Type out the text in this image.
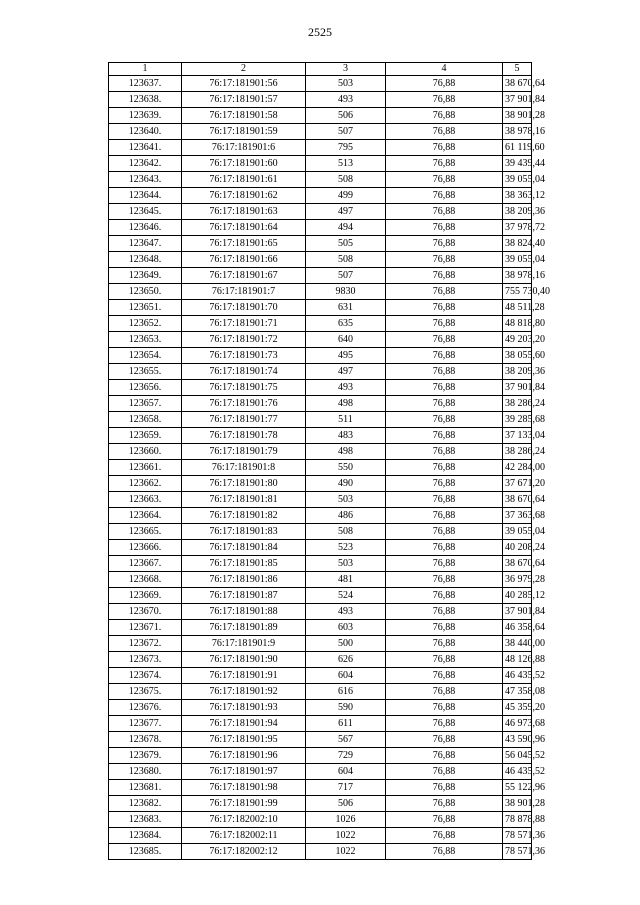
2525
1	2	3	4	5
123637.	76:17:181901:56	503	76,88	38 670,64
123638.	76:17:181901:57	493	76,88	37 901,84
123639.	76:17:181901:58	506	76,88	38 901,28
123640.	76:17:181901:59	507	76,88	38 978,16
123641.	76:17:181901:6	795	76,88	61 119,60
123642.	76:17:181901:60	513	76,88	39 439,44
123643.	76:17:181901:61	508	76,88	39 055,04
123644.	76:17:181901:62	499	76,88	38 363,12
123645.	76:17:181901:63	497	76,88	38 209,36
123646.	76:17:181901:64	494	76,88	37 978,72
123647.	76:17:181901:65	505	76,88	38 824,40
123648.	76:17:181901:66	508	76,88	39 055,04
123649.	76:17:181901:67	507	76,88	38 978,16
123650.	76:17:181901:7	9830	76,88	755 730,40
123651.	76:17:181901:70	631	76,88	48 511,28
123652.	76:17:181901:71	635	76,88	48 818,80
123653.	76:17:181901:72	640	76,88	49 203,20
123654.	76:17:181901:73	495	76,88	38 055,60
123655.	76:17:181901:74	497	76,88	38 209,36
123656.	76:17:181901:75	493	76,88	37 901,84
123657.	76:17:181901:76	498	76,88	38 286,24
123658.	76:17:181901:77	511	76,88	39 285,68
123659.	76:17:181901:78	483	76,88	37 133,04
123660.	76:17:181901:79	498	76,88	38 286,24
123661.	76:17:181901:8	550	76,88	42 284,00
123662.	76:17:181901:80	490	76,88	37 671,20
123663.	76:17:181901:81	503	76,88	38 670,64
123664.	76:17:181901:82	486	76,88	37 363,68
123665.	76:17:181901:83	508	76,88	39 055,04
123666.	76:17:181901:84	523	76,88	40 208,24
123667.	76:17:181901:85	503	76,88	38 670,64
123668.	76:17:181901:86	481	76,88	36 979,28
123669.	76:17:181901:87	524	76,88	40 285,12
123670.	76:17:181901:88	493	76,88	37 901,84
123671.	76:17:181901:89	603	76,88	46 358,64
123672.	76:17:181901:9	500	76,88	38 440,00
123673.	76:17:181901:90	626	76,88	48 126,88
123674.	76:17:181901:91	604	76,88	46 435,52
123675.	76:17:181901:92	616	76,88	47 358,08
123676.	76:17:181901:93	590	76,88	45 359,20
123677.	76:17:181901:94	611	76,88	46 973,68
123678.	76:17:181901:95	567	76,88	43 590,96
123679.	76:17:181901:96	729	76,88	56 045,52
123680.	76:17:181901:97	604	76,88	46 435,52
123681.	76:17:181901:98	717	76,88	55 122,96
123682.	76:17:181901:99	506	76,88	38 901,28
123683.	76:17:182002:10	1026	76,88	78 878,88
123684.	76:17:182002:11	1022	76,88	78 571,36
123685.	76:17:182002:12	1022	76,88	78 571,36
